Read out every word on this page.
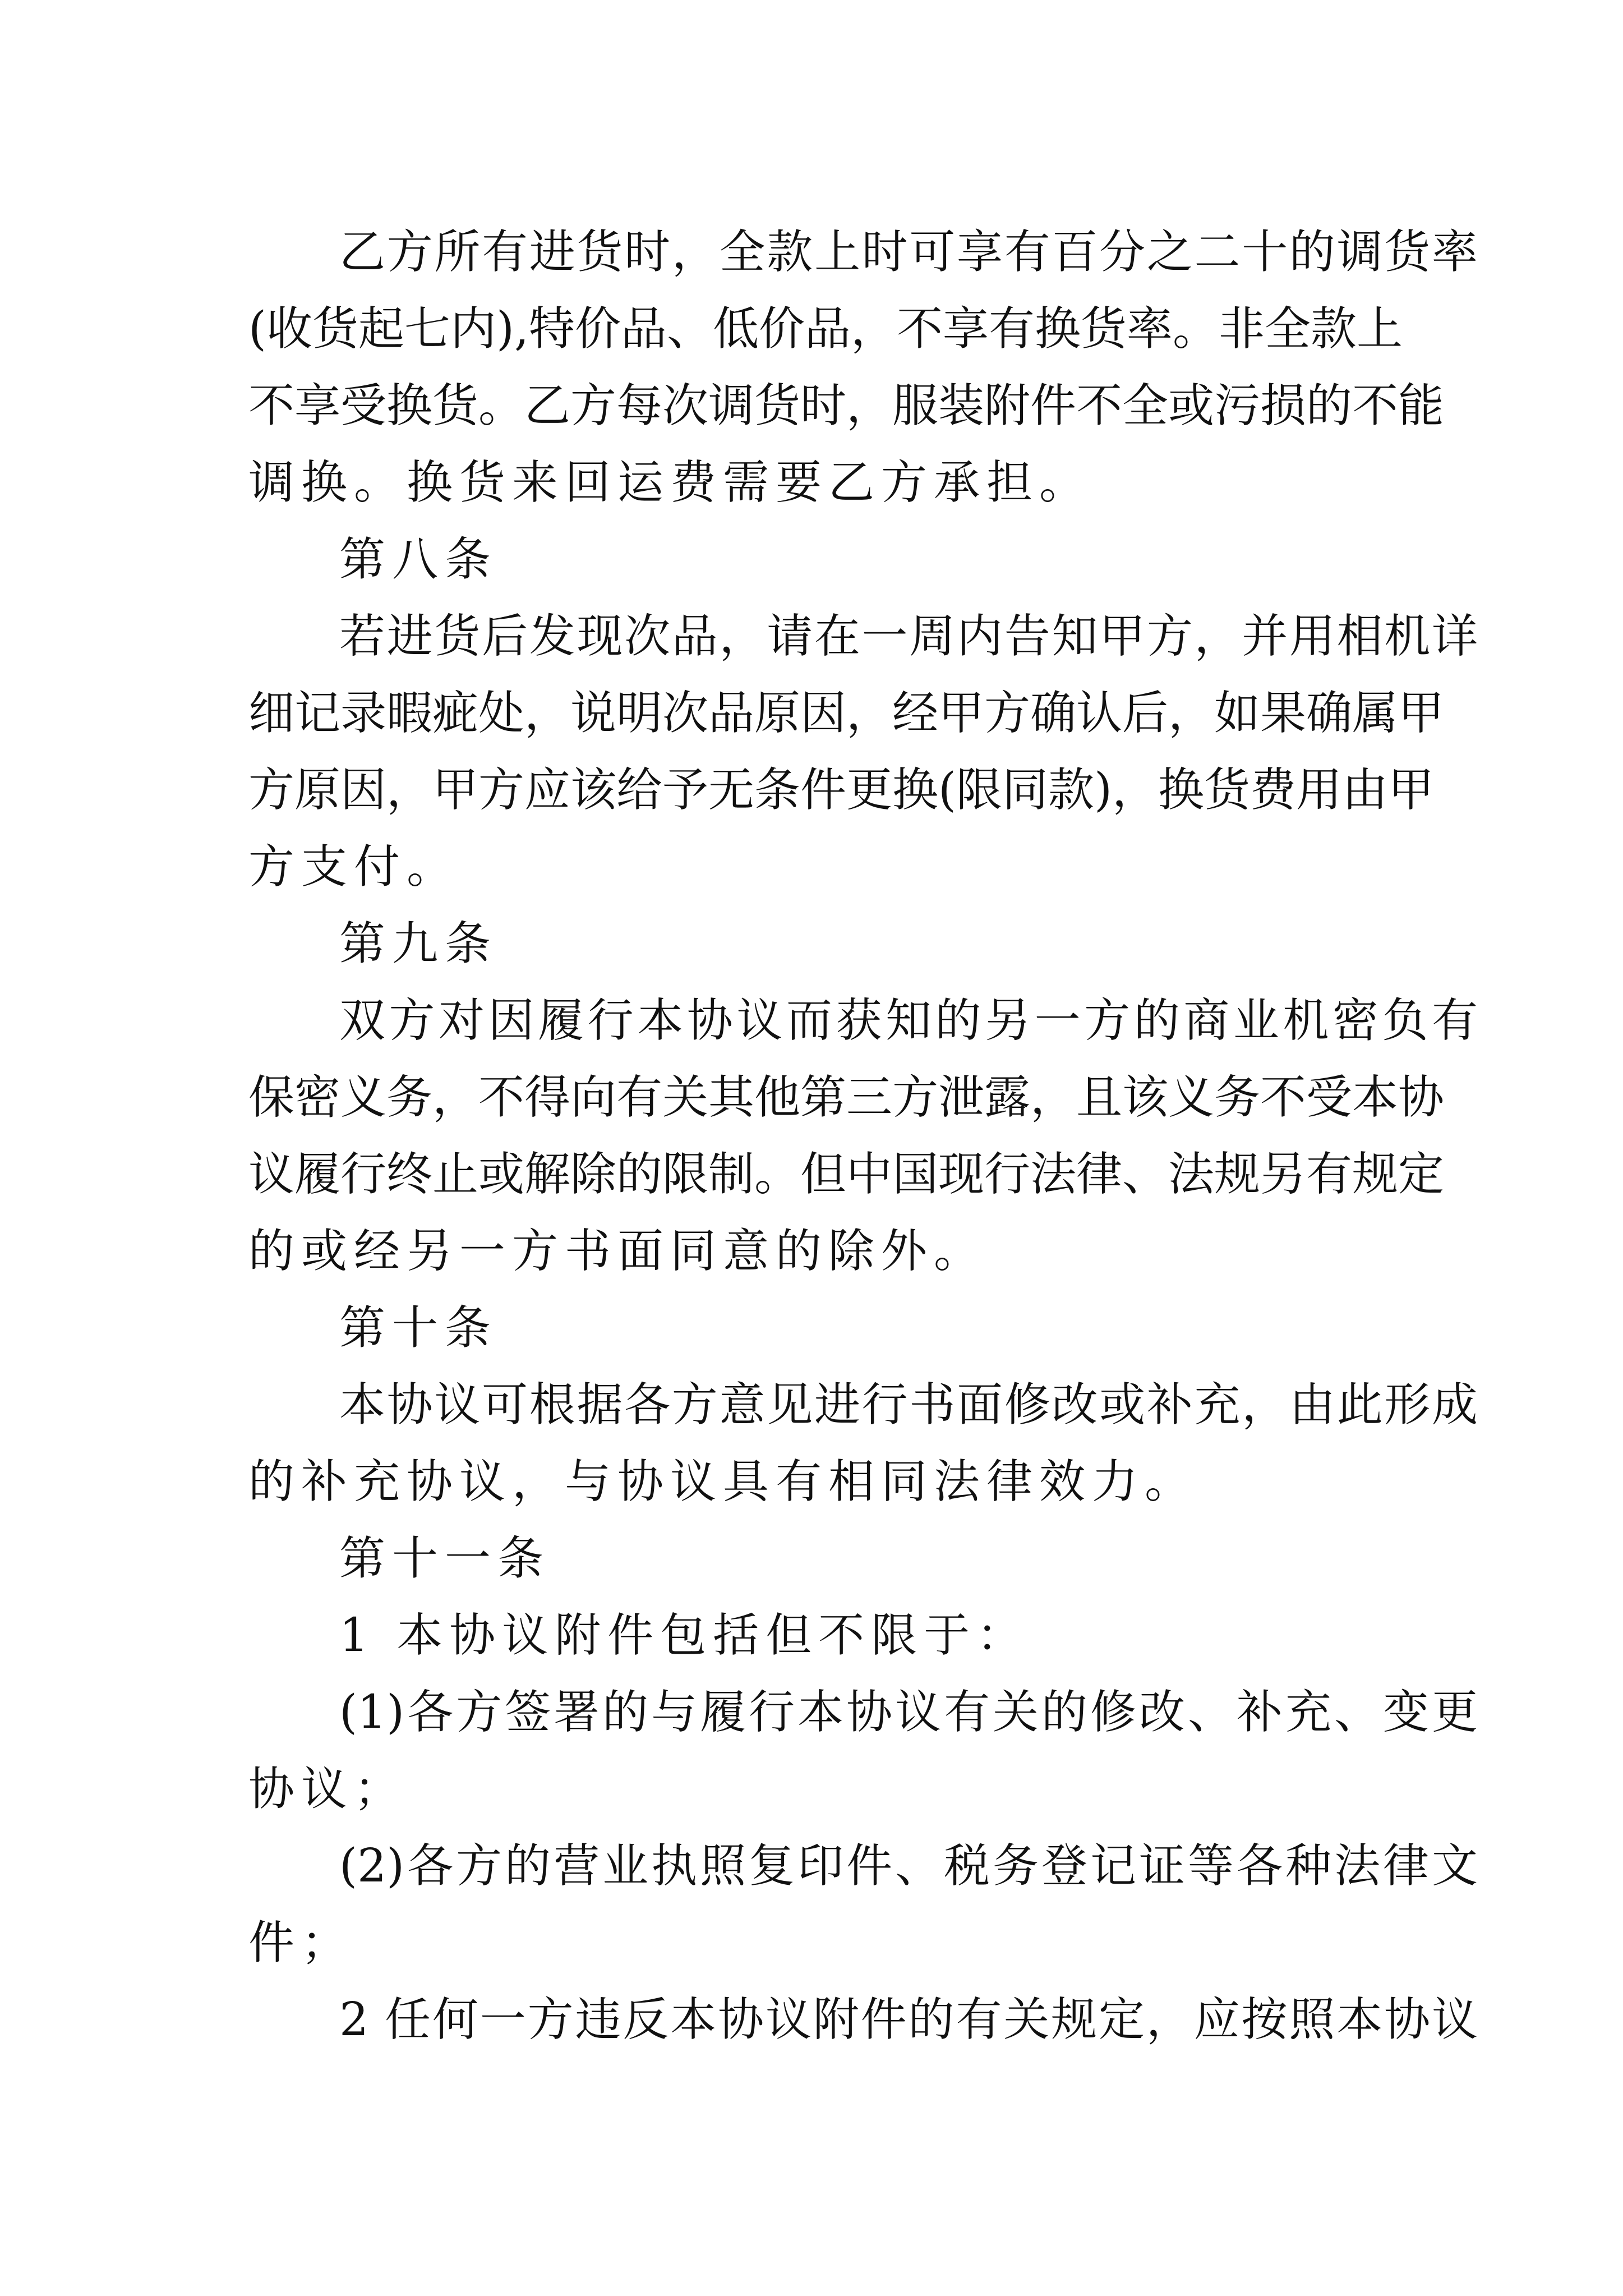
乙方所有进货时，全款上时可享有百分之二十的调货率
(收货起七内),特价品、低价品，不享有换货率。非全款上
不享受换货。乙方每次调货时，服装附件不全或污损的不能
调换。换货来回运费需要乙方承担。
第八条
若进货后发现次品，请在一周内告知甲方，并用相机详
细记录暇疵处，说明次品原因，经甲方确认后，如果确属甲
方原因，甲方应该给予无条件更换(限同款)，换货费用由甲
方支付。
第九条
双方对因履行本协议而获知的另一方的商业机密负有
保密义务，不得向有关其他第三方泄露，且该义务不受本协
议履行终止或解除的限制。但中国现行法律、法规另有规定
的或经另一方书面同意的除外。
第十条
本协议可根据各方意见进行书面修改或补充，由此形成
的补充协议，与协议具有相同法律效力。
第十一条
1 本协议附件包括但不限于：
(1)各方签署的与履行本协议有关的修改、补充、变更
协议；
(2)各方的营业执照复印件、税务登记证等各种法律文
件；
2 任何一方违反本协议附件的有关规定，应按照本协议
